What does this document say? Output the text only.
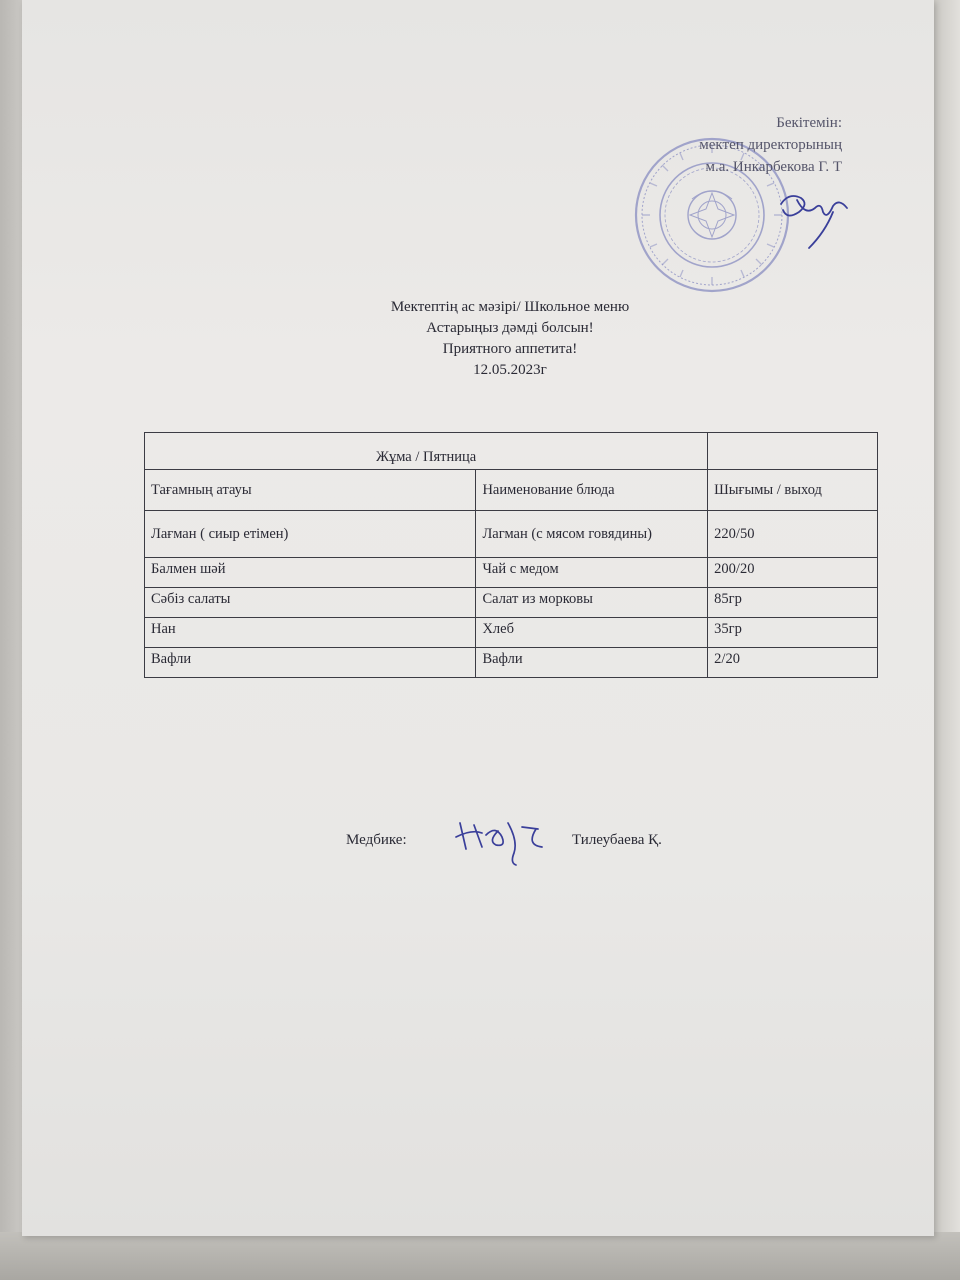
Бекітемін:
мектеп директорының
м.а. Инкарбекова Г. Т
Мектептің ас мәзірі/ Школьное меню
Астарыңыз дәмді болсын!
Приятного аппетита!
12.05.2023г
Жұма / Пятница		
Тағамның атауы	Наименование блюда	Шығымы / выход
Лағман ( сиыр етімен)	Лагман (с мясом говядины)	220/50
Балмен шәй	Чай с медом	200/20
Сәбіз салаты	Салат из морковы	85гр
Нан	Хлеб	35гр
Вафли	Вафли	2/20
Медбике:	Тилеубаева Қ.
